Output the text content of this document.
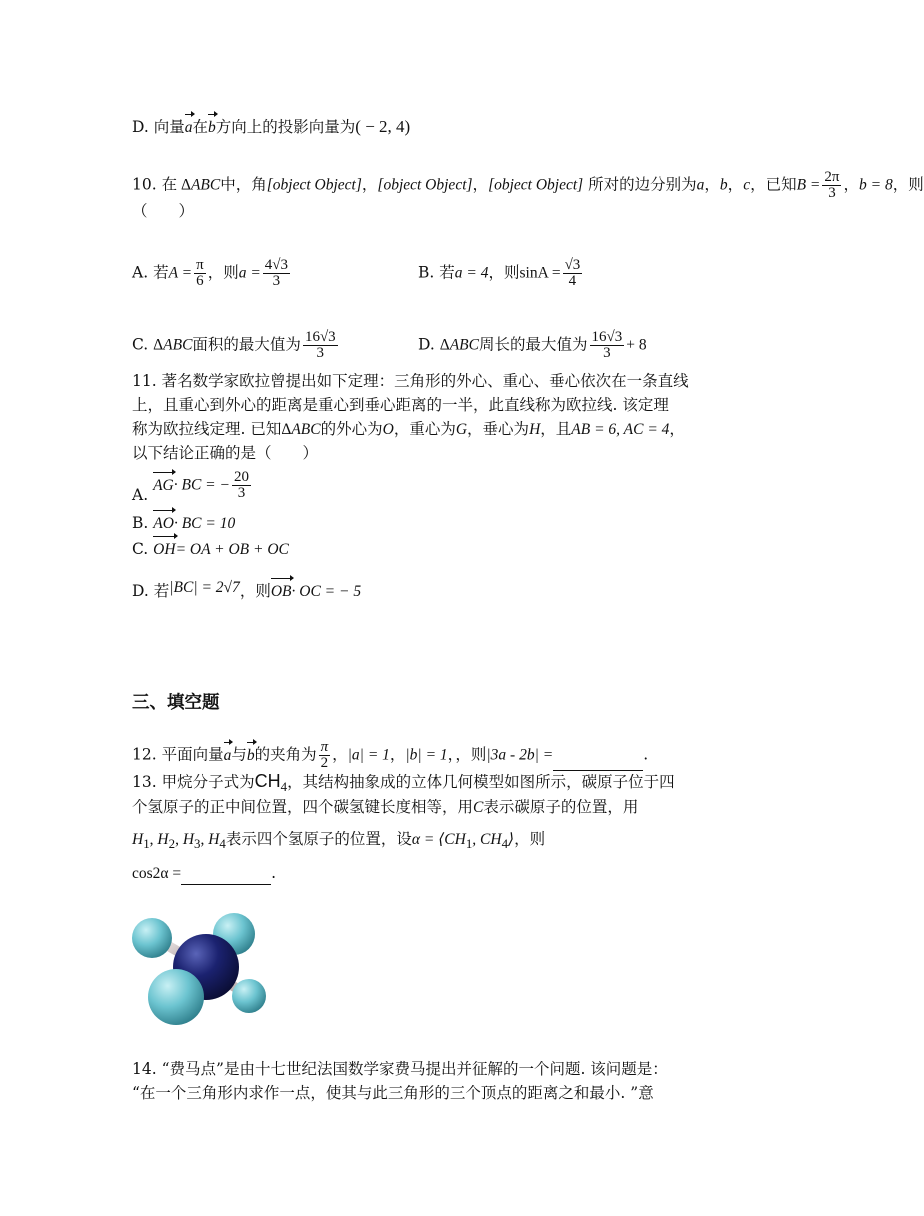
D. 向量a在b方向上的投影向量为( − 2, 4)
10. 在 ΔABC中，角[object Object]，[object Object]，[object Object] 所对的边分别为a，b，c，已知$B = \frac{2\pi}{3}$ ，b = 8，则
（　　）
A. 若$A = \frac{\pi}{6}$ ，则$a = \frac{4√3}{3}$	B. 若a = 4，则$\sin A = \frac{√3}{4}$
C. ΔABC面积的最大值为 $\frac{16√3}{3}$	D. ΔABC周长的最大值为 $\frac{16√3}{3} + 8$
11. 著名数学家欧拉曾提出如下定理：三角形的外心、重心、垂心依次在一条直线
上，且重心到外心的距离是重心到垂心距离的一半，此直线称为欧拉线. 该定理
称为欧拉线定理. 已知ΔABC的外心为O，重心为G，垂心为H，且AB = 6, AC = 4，
以下结论正确的是（　　）
A. AG· BC = − $\frac{20}{3}$
B. AO· BC = 10
C. OH= OA + OB + OC
D. 若|BC| = 2√7，则OB· OC = − 5
三、填空题
12. 平面向量a与b的夹角为 $\frac{\pi}{2}$ ，|a| = 1，|b| = 1，，则|3a - 2b| =	.
13. 甲烷分子式为$CH_4$，其结构抽象成的立体几何模型如图所示，碳原子位于四
个氢原子的正中间位置，四个碳氢键长度相等，用C表示碳原子的位置，用
$H_1$, $H_2$, $H_3$, $H_4$表示四个氢原子的位置，设$\alpha = ⟨CH_1$, $CH_4⟩$，则
cos2α =	.
14. “费马点”是由十七世纪法国数学家费马提出并征解的一个问题. 该问题是：
“在一个三角形内求作一点，使其与此三角形的三个顶点的距离之和最小. ”意
